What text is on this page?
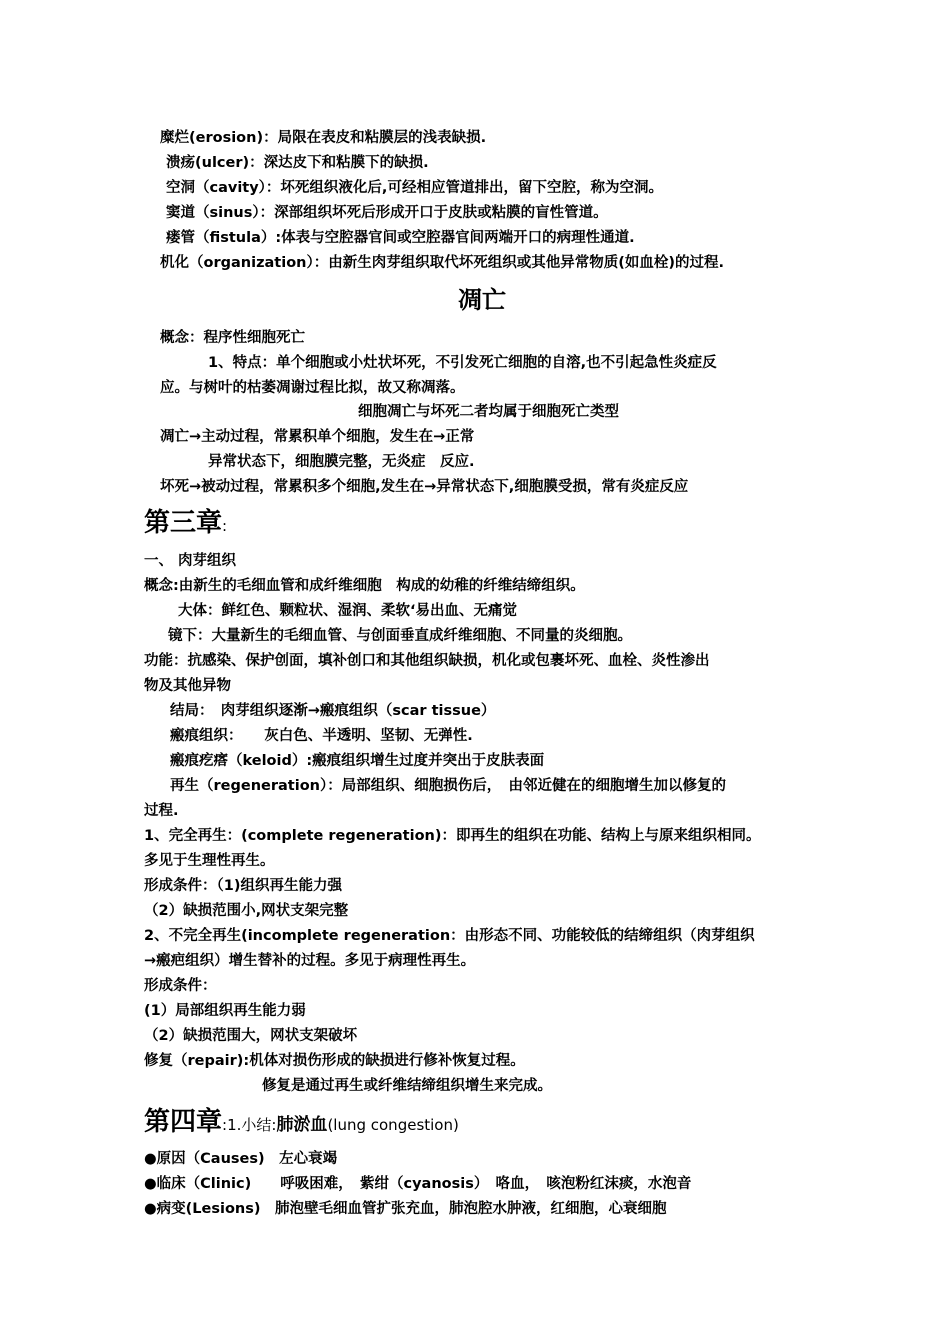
糜烂(erosion)：局限在表皮和粘膜层的浅表缺损.
溃疡(ulcer)：深达皮下和粘膜下的缺损.
空洞（cavity）：坏死组织液化后,可经相应管道排出，留下空腔，称为空洞。
窦道（sinus）：深部组织坏死后形成开口于皮肤或粘膜的盲性管道。
瘘管（fistula）:体表与空腔器官间或空腔器官间两端开口的病理性通道.
机化（organization）：由新生肉芽组织取代坏死组织或其他异常物质(如血栓)的过程.
凋亡
概念：程序性细胞死亡
1、特点：单个细胞或小灶状坏死，不引发死亡细胞的自溶,也不引起急性炎症反
应。与树叶的枯萎凋谢过程比拟，故又称凋落。
细胞凋亡与坏死二者均属于细胞死亡类型
凋亡→主动过程，常累积单个细胞，发生在→正常
异常状态下，细胞膜完整，无炎症　反应.
坏死→被动过程，常累积多个细胞,发生在→异常状态下,细胞膜受损，常有炎症反应
第三章:
一、 肉芽组织
概念:由新生的毛细血管和成纤维细胞　构成的幼稚的纤维结缔组织。
大体：鲜红色、颗粒状、湿润、柔软‘易出血、无痛觉
镜下：大量新生的毛细血管、与创面垂直成纤维细胞、不同量的炎细胞。
功能：抗感染、保护创面，填补创口和其他组织缺损，机化或包裹坏死、血栓、炎性渗出
物及其他异物
结局：　肉芽组织逐渐→瘢痕组织（scar tissue）
瘢痕组织：　　灰白色、半透明、坚韧、无弹性.
瘢痕疙瘩（keloid）:瘢痕组织增生过度并突出于皮肤表面
再生（regeneration）：局部组织、细胞损伤后，　由邻近健在的细胞增生加以修复的
过程.
1、完全再生：(complete regeneration)：即再生的组织在功能、结构上与原来组织相同。
多见于生理性再生。
形成条件：（1)组织再生能力强
（2）缺损范围小,网状支架完整
2、不完全再生(incomplete regeneration：由形态不同、功能较低的结缔组织（肉芽组织
→瘢疤组织）增生替补的过程。多见于病理性再生。
形成条件：
(1）局部组织再生能力弱
（2）缺损范围大，网状支架破坏
修复（repair):机体对损伤形成的缺损进行修补恢复过程。
修复是通过再生或纤维结缔组织增生来完成。
第四章:1.小结:肺淤血(lung congestion)
●原因（Causes)　左心衰竭
●临床（Clinic)　　呼吸困难，　紫绀（cyanosis）　咯血，　咳泡粉红沫痰，水泡音
●病变(Lesions)　肺泡壁毛细血管扩张充血，肺泡腔水肿液，红细胞，心衰细胞
